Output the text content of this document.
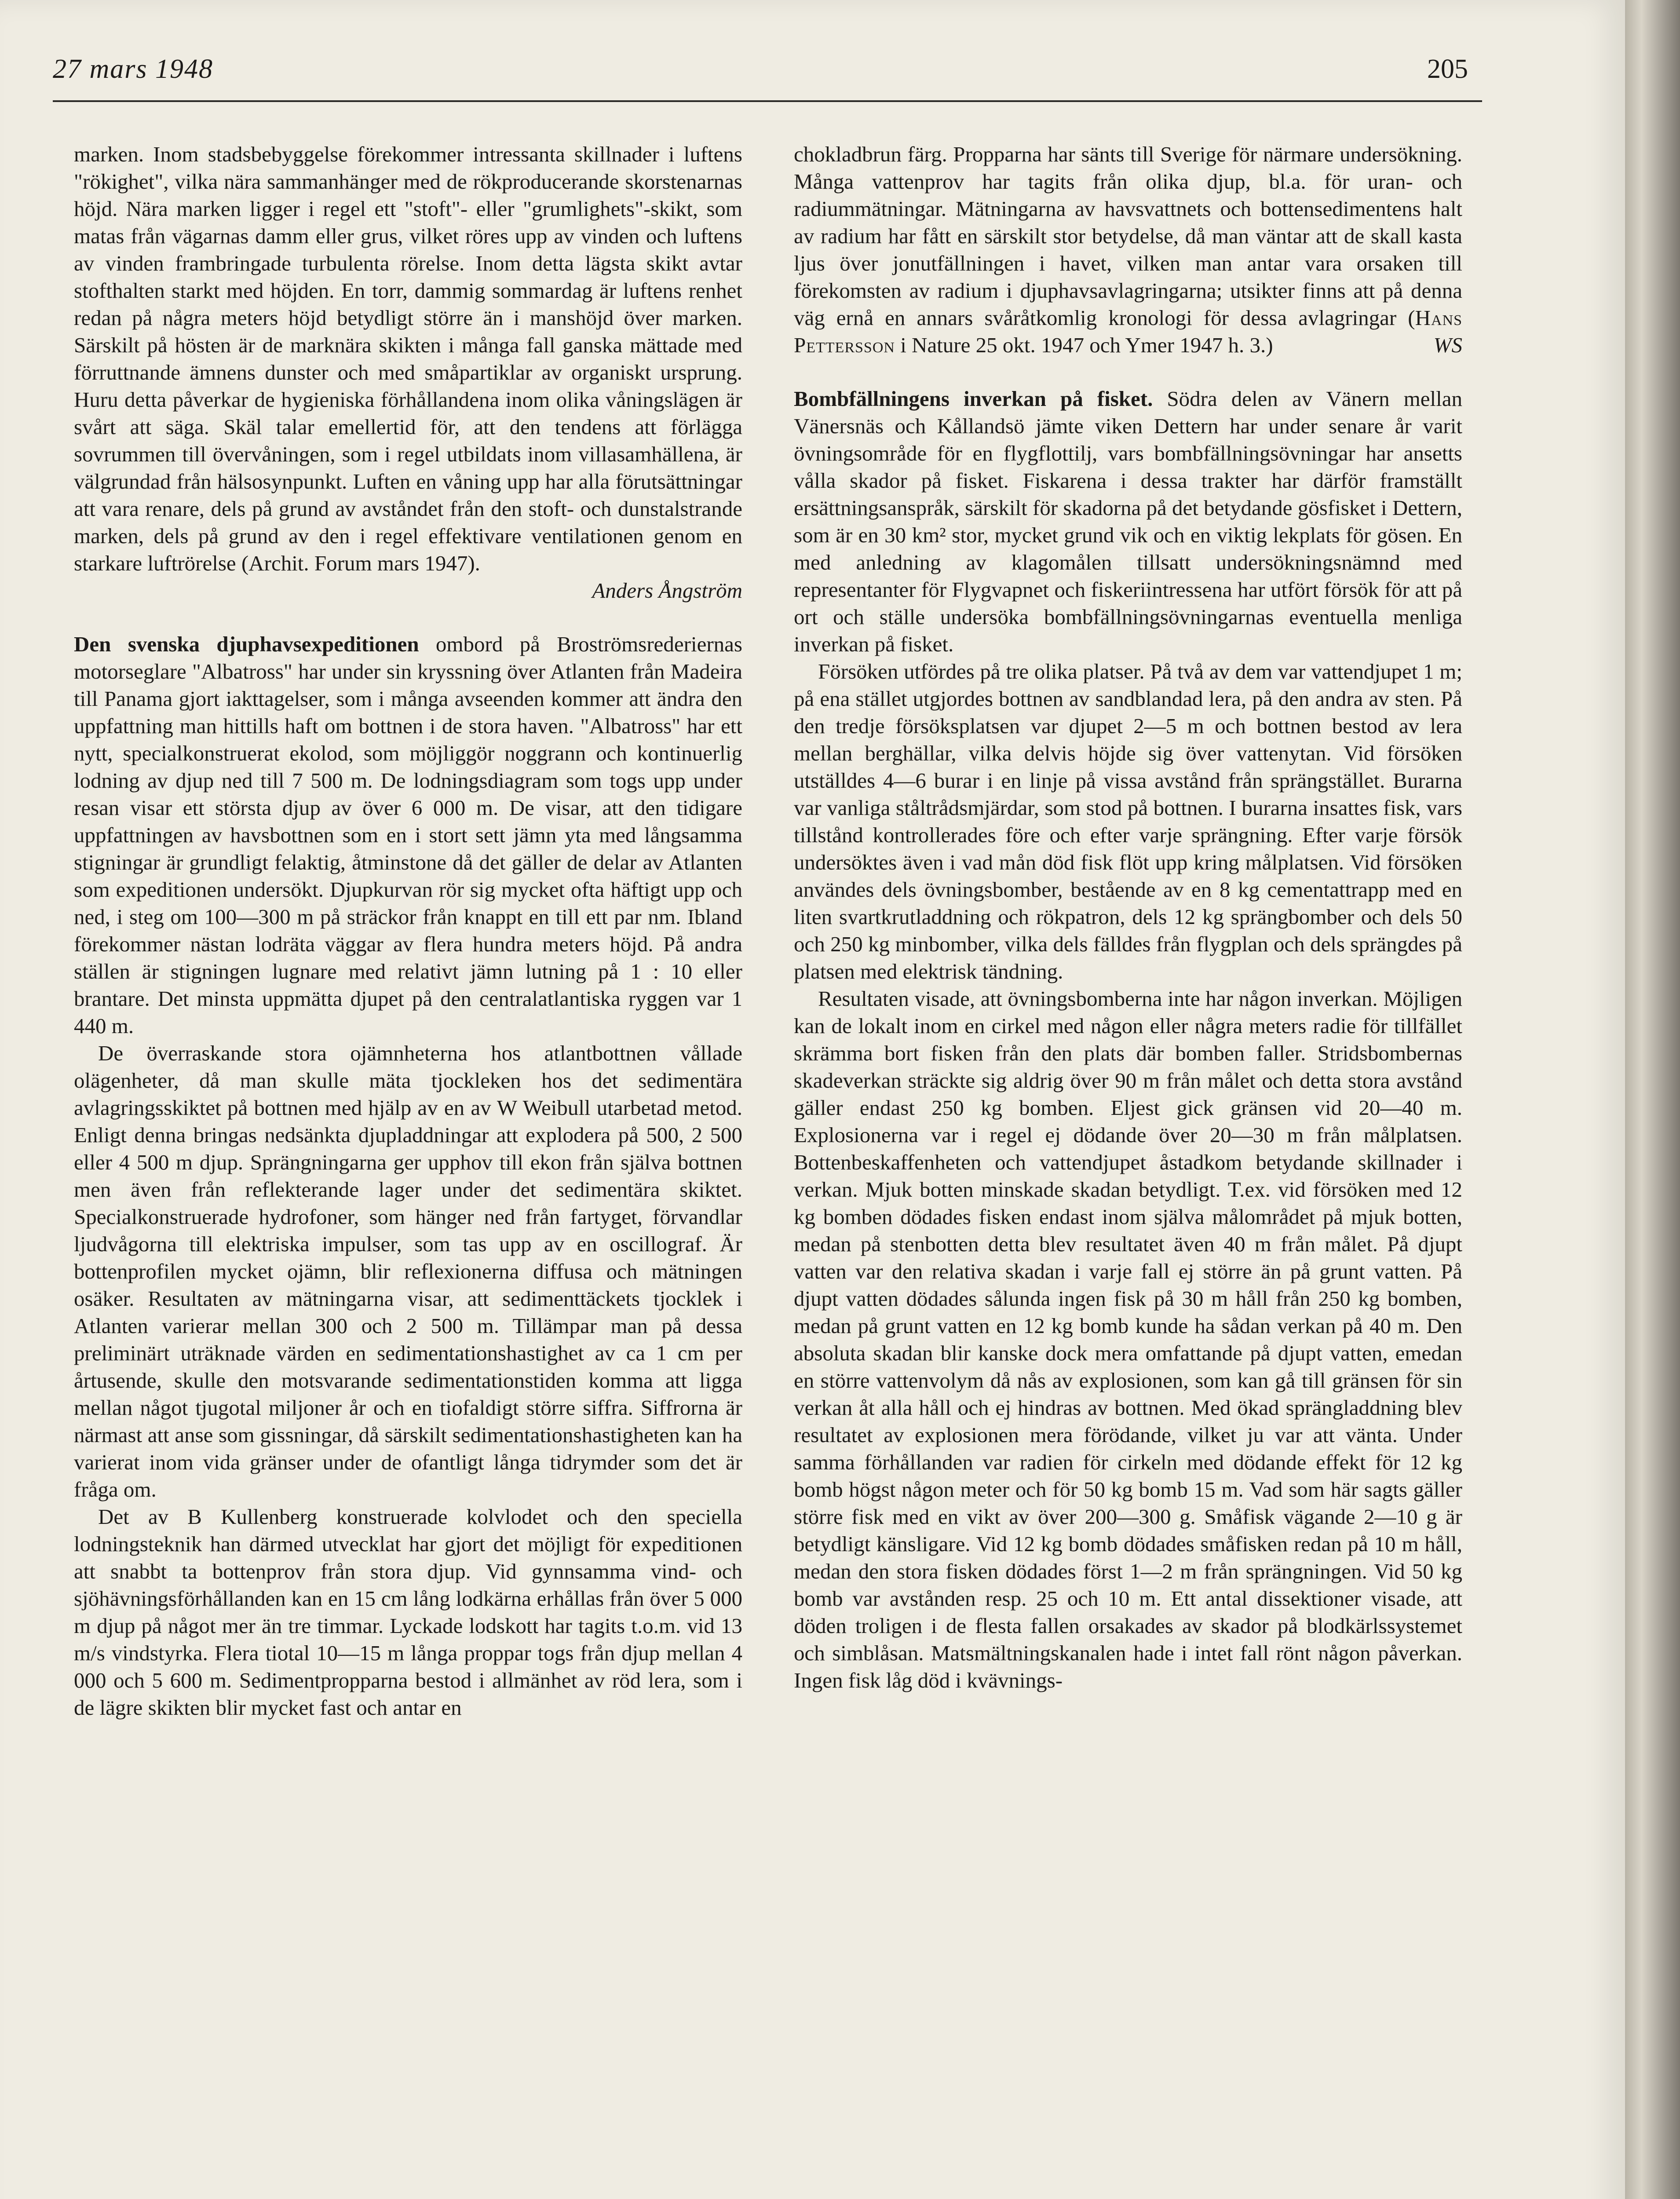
27 mars 1948	205

marken. Inom stadsbebyggelse förekommer intressanta skillnader i luftens "rökighet", vilka nära sammanhänger med de rökproducerande skorstenarnas höjd. Nära marken ligger i regel ett "stoft"- eller "grumlighets"-skikt, som matas från vägarnas damm eller grus, vilket röres upp av vinden och luftens av vinden frambringade turbulenta rörelse. Inom detta lägsta skikt avtar stofthalten starkt med höjden. En torr, dammig sommardag är luftens renhet redan på några meters höjd betydligt större än i manshöjd över marken. Särskilt på hösten är de marknära skikten i många fall ganska mättade med förruttnande ämnens dunster och med småpartiklar av organiskt ursprung. Huru detta påverkar de hygieniska förhållandena inom olika våningslägen är svårt att säga. Skäl talar emellertid för, att den tendens att förlägga sovrummen till övervåningen, som i regel utbildats inom villasamhällena, är välgrundad från hälsosynpunkt. Luften en våning upp har alla förutsättningar att vara renare, dels på grund av avståndet från den stoft- och dunstalstrande marken, dels på grund av den i regel effektivare ventilationen genom en starkare luftrörelse (Archit. Forum mars 1947).

Anders Ångström

Den svenska djuphavsexpeditionen ombord på Broströmsrederiernas motorseglare "Albatross" har under sin kryssning över Atlanten från Madeira till Panama gjort iakttagelser, som i många avseenden kommer att ändra den uppfattning man hittills haft om bottnen i de stora haven. "Albatross" har ett nytt, specialkonstruerat ekolod, som möjliggör noggrann och kontinuerlig lodning av djup ned till 7 500 m. De lodningsdiagram som togs upp under resan visar ett största djup av över 6 000 m. De visar, att den tidigare uppfattningen av havsbottnen som en i stort sett jämn yta med långsamma stigningar är grundligt felaktig, åtminstone då det gäller de delar av Atlanten som expeditionen undersökt. Djupkurvan rör sig mycket ofta häftigt upp och ned, i steg om 100—300 m på sträckor från knappt en till ett par nm. Ibland förekommer nästan lodräta väggar av flera hundra meters höjd. På andra ställen är stigningen lugnare med relativt jämn lutning på 1 : 10 eller brantare. Det minsta uppmätta djupet på den centralatlantiska ryggen var 1 440 m.

De överraskande stora ojämnheterna hos atlantbottnen vållade olägenheter, då man skulle mäta tjockleken hos det sedimentära avlagringsskiktet på bottnen med hjälp av en av W Weibull utarbetad metod. Enligt denna bringas nedsänkta djupladdningar att explodera på 500, 2 500 eller 4 500 m djup. Sprängningarna ger upphov till ekon från själva bottnen men även från reflekterande lager under det sedimentära skiktet. Specialkonstruerade hydrofoner, som hänger ned från fartyget, förvandlar ljudvågorna till elektriska impulser, som tas upp av en oscillograf. Är bottenprofilen mycket ojämn, blir reflexionerna diffusa och mätningen osäker. Resultaten av mätningarna visar, att sedimenttäckets tjocklek i Atlanten varierar mellan 300 och 2 500 m. Tillämpar man på dessa preliminärt uträknade värden en sedimentationshastighet av ca 1 cm per årtusende, skulle den motsvarande sedimentationstiden komma att ligga mellan något tjugotal miljoner år och en tiofaldigt större siffra. Siffrorna är närmast att anse som gissningar, då särskilt sedimentationshastigheten kan ha varierat inom vida gränser under de ofantligt långa tidrymder som det är fråga om.

Det av B Kullenberg konstruerade kolvlodet och den speciella lodningsteknik han därmed utvecklat har gjort det möjligt för expeditionen att snabbt ta bottenprov från stora djup. Vid gynnsamma vind- och sjöhävningsförhållanden kan en 15 cm lång lodkärna erhållas från över 5 000 m djup på något mer än tre timmar. Lyckade lodskott har tagits t.o.m. vid 13 m/s vindstyrka. Flera tiotal 10—15 m långa proppar togs från djup mellan 4 000 och 5 600 m. Sedimentpropparna bestod i allmänhet av röd lera, som i de lägre skikten blir mycket fast och antar en

chokladbrun färg. Propparna har sänts till Sverige för närmare undersökning. Många vattenprov har tagits från olika djup, bl.a. för uran- och radiummätningar. Mätningarna av havsvattnets och bottensedimentens halt av radium har fått en särskilt stor betydelse, då man väntar att de skall kasta ljus över jonutfällningen i havet, vilken man antar vara orsaken till förekomsten av radium i djuphavsavlagringarna; utsikter finns att på denna väg ernå en annars svåråtkomlig kronologi för dessa avlagringar (Hans Pettersson i Nature 25 okt. 1947 och Ymer 1947 h. 3.)	WS

Bombfällningens inverkan på fisket. Södra delen av Vänern mellan Vänersnäs och Kållandsö jämte viken Dettern har under senare år varit övningsområde för en flygflottilj, vars bombfällningsövningar har ansetts vålla skador på fisket. Fiskarena i dessa trakter har därför framställt ersättningsanspråk, särskilt för skadorna på det betydande gösfisket i Dettern, som är en 30 km² stor, mycket grund vik och en viktig lekplats för gösen. En med anledning av klagomålen tillsatt undersökningsnämnd med representanter för Flygvapnet och fiskeriintressena har utfört försök för att på ort och ställe undersöka bombfällningsövningarnas eventuella menliga inverkan på fisket.

Försöken utfördes på tre olika platser. På två av dem var vattendjupet 1 m; på ena stället utgjordes bottnen av sandblandad lera, på den andra av sten. På den tredje försöksplatsen var djupet 2—5 m och bottnen bestod av lera mellan berghällar, vilka delvis höjde sig över vattenytan. Vid försöken utställdes 4—6 burar i en linje på vissa avstånd från sprängstället. Burarna var vanliga ståltrådsmjärdar, som stod på bottnen. I burarna insattes fisk, vars tillstånd kontrollerades före och efter varje sprängning. Efter varje försök undersöktes även i vad mån död fisk flöt upp kring målplatsen. Vid försöken användes dels övningsbomber, bestående av en 8 kg cementattrapp med en liten svartkrutladdning och rökpatron, dels 12 kg sprängbomber och dels 50 och 250 kg minbomber, vilka dels fälldes från flygplan och dels sprängdes på platsen med elektrisk tändning.

Resultaten visade, att övningsbomberna inte har någon inverkan. Möjligen kan de lokalt inom en cirkel med någon eller några meters radie för tillfället skrämma bort fisken från den plats där bomben faller. Stridsbombernas skadeverkan sträckte sig aldrig över 90 m från målet och detta stora avstånd gäller endast 250 kg bomben. Eljest gick gränsen vid 20—40 m. Explosionerna var i regel ej dödande över 20—30 m från målplatsen. Bottenbeskaffenheten och vattendjupet åstadkom betydande skillnader i verkan. Mjuk botten minskade skadan betydligt. T.ex. vid försöken med 12 kg bomben dödades fisken endast inom själva målområdet på mjuk botten, medan på stenbotten detta blev resultatet även 40 m från målet. På djupt vatten var den relativa skadan i varje fall ej större än på grunt vatten. På djupt vatten dödades sålunda ingen fisk på 30 m håll från 250 kg bomben, medan på grunt vatten en 12 kg bomb kunde ha sådan verkan på 40 m. Den absoluta skadan blir kanske dock mera omfattande på djupt vatten, emedan en större vattenvolym då nås av explosionen, som kan gå till gränsen för sin verkan åt alla håll och ej hindras av bottnen. Med ökad sprängladdning blev resultatet av explosionen mera förödande, vilket ju var att vänta. Under samma förhållanden var radien för cirkeln med dödande effekt för 12 kg bomb högst någon meter och för 50 kg bomb 15 m. Vad som här sagts gäller större fisk med en vikt av över 200—300 g. Småfisk vägande 2—10 g är betydligt känsligare. Vid 12 kg bomb dödades småfisken redan på 10 m håll, medan den stora fisken dödades först 1—2 m från sprängningen. Vid 50 kg bomb var avstånden resp. 25 och 10 m. Ett antal dissektioner visade, att döden troligen i de flesta fallen orsakades av skador på blodkärlssystemet och simblåsan. Matsmältningskanalen hade i intet fall rönt någon påverkan. Ingen fisk låg död i kvävnings-
